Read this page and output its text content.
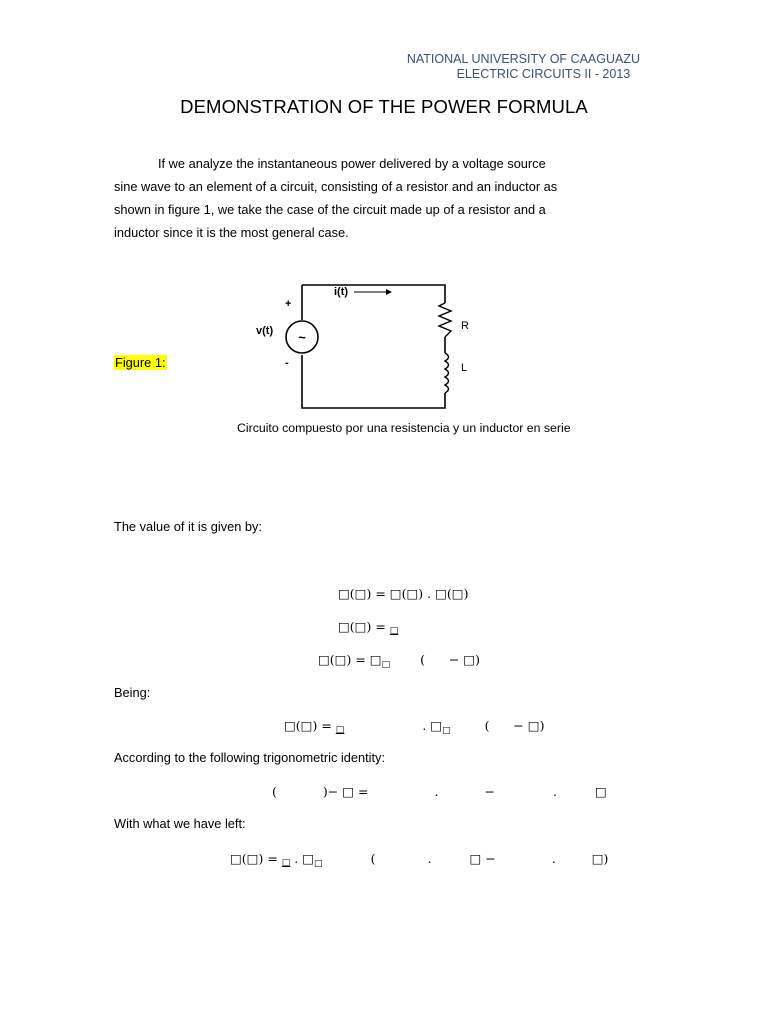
NATIONAL UNIVERSITY OF CAAGUAZU
ELECTRIC CIRCUITS II - 2013
DEMONSTRATION OF THE POWER FORMULA
If we analyze the instantaneous power delivered by a voltage source
sine wave to an element of a circuit, consisting of a resistor and an inductor as
shown in figure 1, we take the case of the circuit made up of a resistor and a
inductor since it is the most general case.
Figure 1:
~
i(t)
+
v(t)
-
R
L
Circuito compuesto por una resistencia y un inductor en serie
The value of it is given by:
□(□) = □(□) . □(□)
□(□) = □
□(□) = $□_□$ (      − □)
Being:
□(□) = □	. $□_□$	(      − □)
According to the following trigonometric identity:
(	)− □ =	.	−	.	□
With what we have left:
□(□) = □ . $□_□$	(	.	□ −	.	□)
